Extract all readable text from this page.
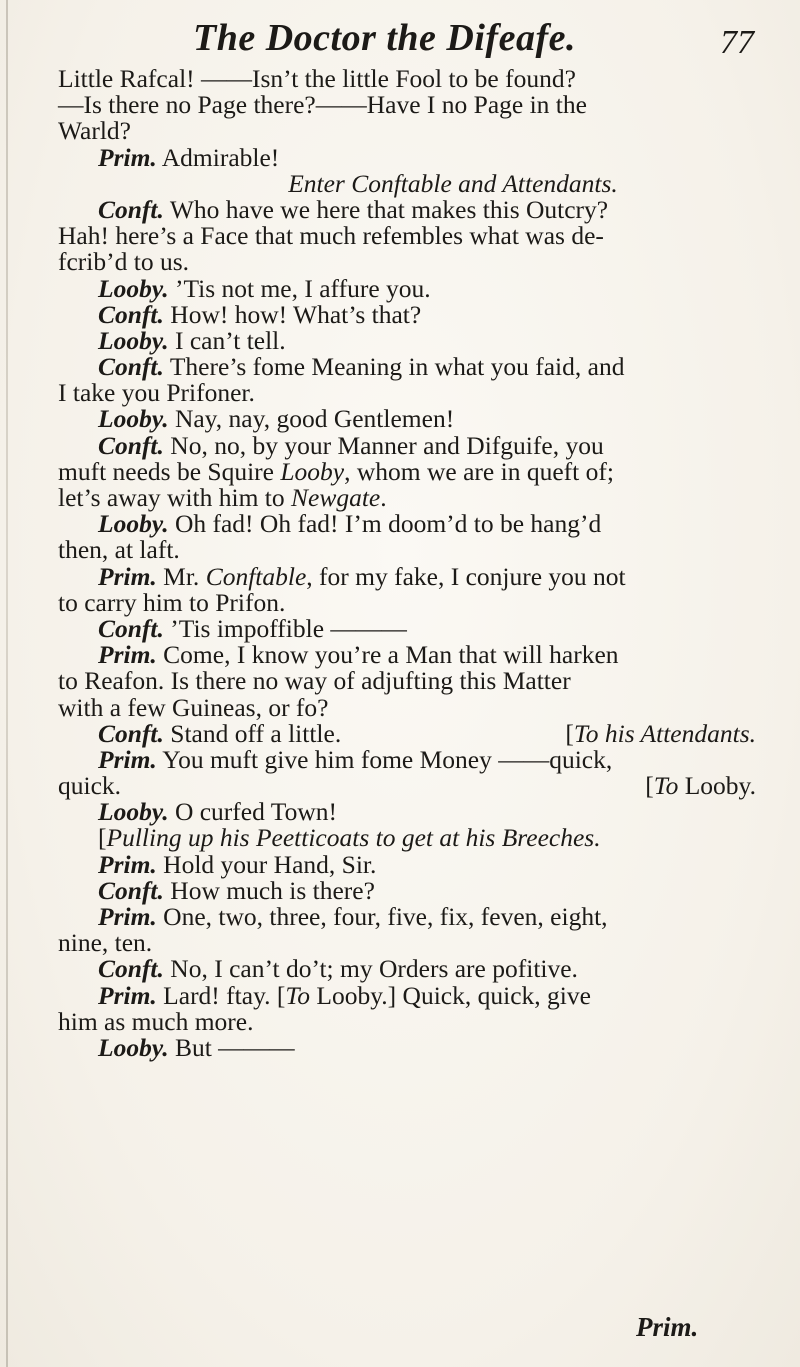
The Doctor the Difeafe.	77
Little Rafcal! ——Isn’t the little Fool to be found?
—Is there no Page there?——Have I no Page in the
Warld?
Prim. Admirable!
Enter Conftable and Attendants.
Conft. Who have we here that makes this Outcry?
Hah! here’s a Face that much refembles what was de-
fcrib’d to us.
Looby. ’Tis not me, I affure you.
Conft. How! how! What’s that?
Looby. I can’t tell.
Conft. There’s fome Meaning in what you faid, and
I take you Prifoner.
Looby. Nay, nay, good Gentlemen!
Conft. No, no, by your Manner and Difguife, you
muft needs be Squire Looby, whom we are in queft of;
let’s away with him to Newgate.
Looby. Oh fad! Oh fad! I’m doom’d to be hang’d
then, at laft.
Prim. Mr. Conftable, for my fake, I conjure you not
to carry him to Prifon.
Conft. ’Tis impoffible ———
Prim. Come, I know you’re a Man that will harken
to Reafon. Is there no way of adjufting this Matter
with a few Guineas, or fo?
[To his Attendants.
Conft. Stand off a little.
Prim. You muft give him fome Money ——quick,
[To Looby.
quick.
Looby. O curfed Town!
[Pulling up his Peetticoats to get at his Breeches.
Prim. Hold your Hand, Sir.
Conft. How much is there?
Prim. One, two, three, four, five, fix, feven, eight,
nine, ten.
Conft. No, I can’t do’t; my Orders are pofitive.
Prim. Lard! ftay. [To Looby.] Quick, quick, give
him as much more.
Looby. But ———
Prim.
